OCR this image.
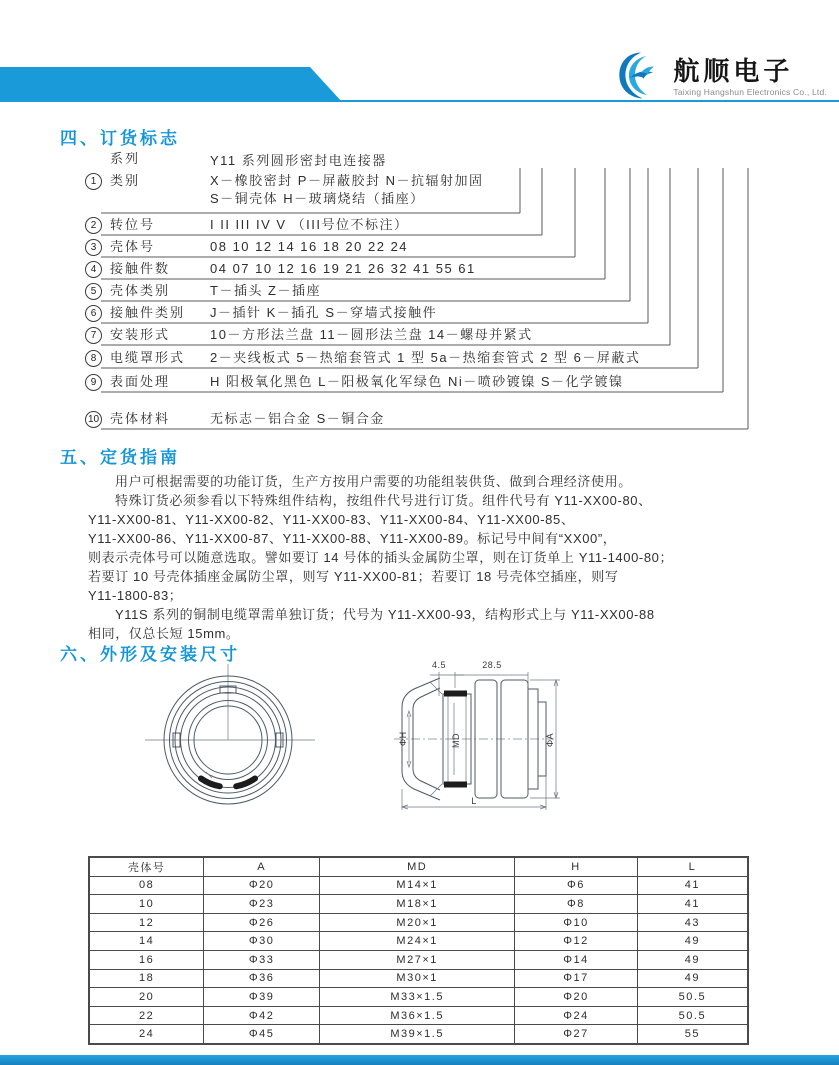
Y11 系列电连接器
航顺电子
Taixing Hangshun Electronics Co., Ltd.
四、订货标志
系列	Y11 系列圆形密封电连接器
1	类别	X－橡胶密封 P－屏蔽胶封 N－抗辐射加固
S－铜壳体 H－玻璃烧结（插座）
2	转位号	I II III IV V （III号位不标注）
3	壳体号	08 10 12 14 16 18 20 22 24
4	接触件数	04 07 10 12 16 19 21 26 32 41 55 61
5	壳体类别	T－插头 Z－插座
6	接触件类别	J－插针 K－插孔 S－穿墙式接触件
7	安装形式	10－方形法兰盘 11－圆形法兰盘 14－螺母并紧式
8	电缆罩形式	2－夹线板式 5－热缩套管式 1 型 5a－热缩套管式 2 型 6－屏蔽式
9	表面处理	H 阳极氧化黑色 L－阳极氧化军绿色 Ni－喷砂镀镍 S－化学镀镍
10 壳体材料	无标志－铝合金 S－铜合金
五、定货指南
用户可根据需要的功能订货，生产方按用户需要的功能组装供货、做到合理经济使用。
特殊订货必须参看以下特殊组件结构，按组件代号进行订货。组件代号有 Y11-XX00-80、
Y11-XX00-81、Y11-XX00-82、Y11-XX00-83、Y11-XX00-84、Y11-XX00-85、
Y11-XX00-86、Y11-XX00-87、Y11-XX00-88、Y11-XX00-89。标记号中间有“XX00”，
则表示壳体号可以随意选取。譬如要订 14 号体的插头金属防尘罩，则在订货单上 Y11-1400-80；
若要订 10 号壳体插座金属防尘罩，则写 Y11-XX00-81；若要订 18 号壳体空插座，则写
Y11-1800-83；
Y11S 系列的铜制电缆罩需单独订货；代号为 Y11-XX00-93，结构形式上与 Y11-XX00-88
相同，仅总长短 15mm。
六、外形及安装尺寸
4.5	28.5
ΦH	MD	ΦA
L
壳体号	A	MD	H	L
08	Φ20	M14×1	Φ6	41
10	Φ23	M18×1	Φ8	41
12	Φ26	M20×1	Φ10	43
14	Φ30	M24×1	Φ12	49
16	Φ33	M27×1	Φ14	49
18	Φ36	M30×1	Φ17	49
20	Φ39	M33×1.5	Φ20	50.5
22	Φ42	M36×1.5	Φ24	50.5
24	Φ45	M39×1.5	Φ27	55
